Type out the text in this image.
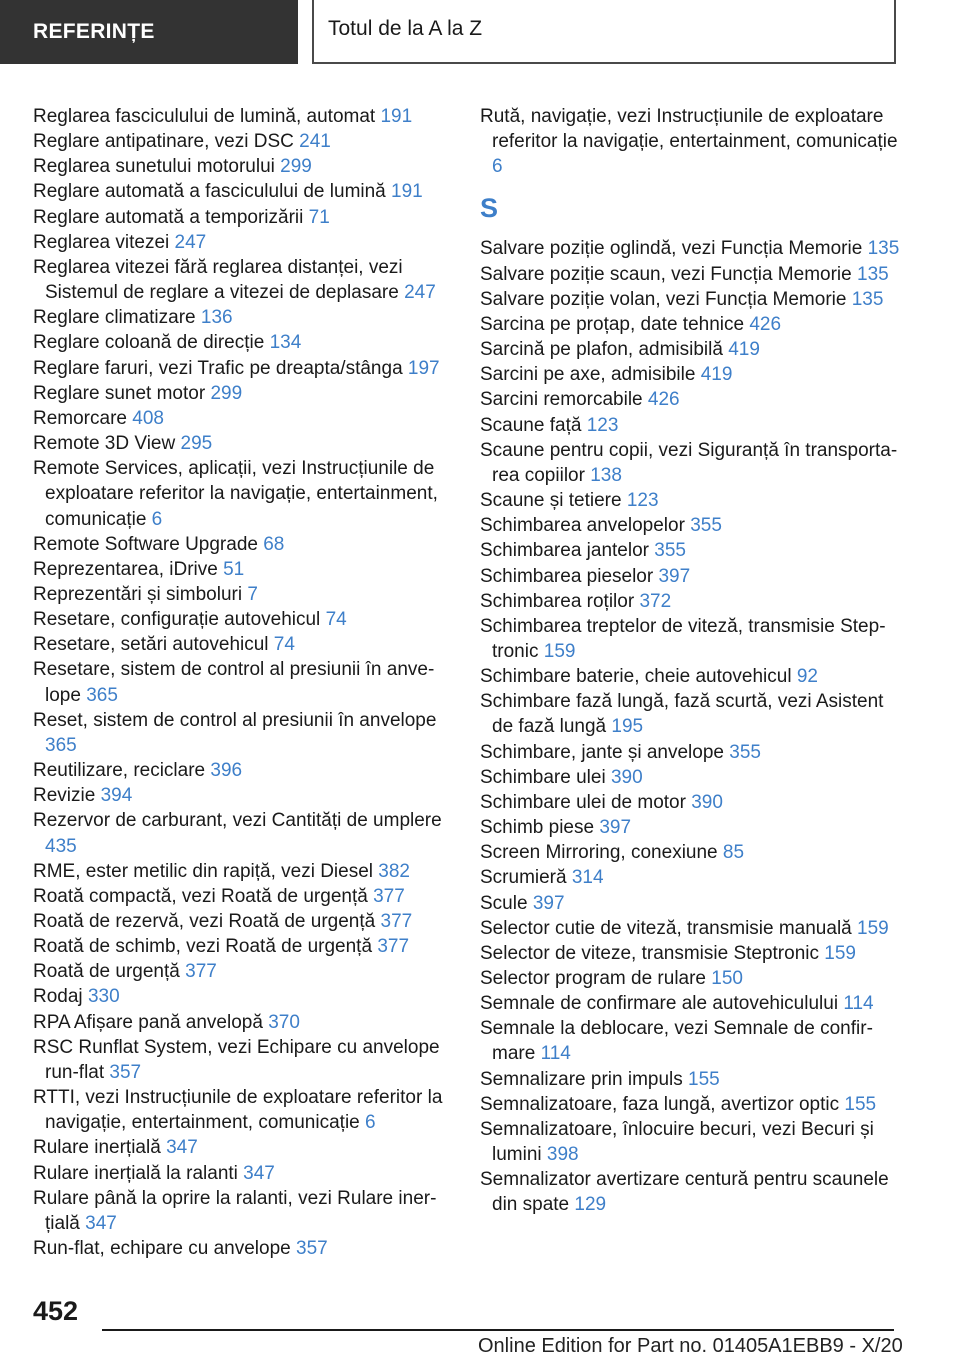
REFERINȚE	Totul de la A la Z
Reglarea fasciculului de lumină, automat 191
Reglare antipatinare, vezi DSC 241
Reglarea sunetului motorului 299
Reglare automată a fasciculului de lumină 191
Reglare automată a temporizării 71
Reglarea vitezei 247
Reglarea vitezei fără reglarea distanței, vezi Sistemul de reglare a vitezei de deplasare 247
Reglare climatizare 136
Reglare coloană de direcție 134
Reglare faruri, vezi Trafic pe dreapta/stânga 197
Reglare sunet motor 299
Remorcare 408
Remote 3D View 295
Remote Services, aplicații, vezi Instrucțiunile de exploatare referitor la navigație, entertainment, comunicație 6
Remote Software Upgrade 68
Reprezentarea, iDrive 51
Reprezentări și simboluri 7
Resetare, configurație autovehicul 74
Resetare, setări autovehicul 74
Resetare, sistem de control al presiunii în anvelope 365
Reset, sistem de control al presiunii în anvelope 365
Reutilizare, reciclare 396
Revizie 394
Rezervor de carburant, vezi Cantități de umplere 435
RME, ester metilic din rapiță, vezi Diesel 382
Roată compactă, vezi Roată de urgență 377
Roată de rezervă, vezi Roată de urgență 377
Roată de schimb, vezi Roată de urgență 377
Roată de urgență 377
Rodaj 330
RPA Afișare pană anvelopă 370
RSC Runflat System, vezi Echipare cu anvelope run-flat 357
RTTI, vezi Instrucțiunile de exploatare referitor la navigație, entertainment, comunicație 6
Rulare inerțială 347
Rulare inerțială la ralanti 347
Rulare până la oprire la ralanti, vezi Rulare inerțială 347
Run-flat, echipare cu anvelope 357
Rută, navigație, vezi Instrucțiunile de exploatare referitor la navigație, entertainment, comunicație 6
S
Salvare poziție oglindă, vezi Funcția Memorie 135
Salvare poziție scaun, vezi Funcția Memorie 135
Salvare poziție volan, vezi Funcția Memorie 135
Sarcina pe proțap, date tehnice 426
Sarcină pe plafon, admisibilă 419
Sarcini pe axe, admisibile 419
Sarcini remorcabile 426
Scaune față 123
Scaune pentru copii, vezi Siguranță în transportarea copiilor 138
Scaune și tetiere 123
Schimbarea anvelopelor 355
Schimbarea jantelor 355
Schimbarea pieselor 397
Schimbarea roților 372
Schimbarea treptelor de viteză, transmisie Steptronic 159
Schimbare baterie, cheie autovehicul 92
Schimbare fază lungă, fază scurtă, vezi Asistent de fază lungă 195
Schimbare, jante și anvelope 355
Schimbare ulei 390
Schimbare ulei de motor 390
Schimb piese 397
Screen Mirroring, conexiune 85
Scrumieră 314
Scule 397
Selector cutie de viteză, transmisie manuală 159
Selector de viteze, transmisie Steptronic 159
Selector program de rulare 150
Semnale de confirmare ale autovehiculului 114
Semnale la deblocare, vezi Semnale de confirmare 114
Semnalizare prin impuls 155
Semnalizatoare, faza lungă, avertizor optic 155
Semnalizatoare, înlocuire becuri, vezi Becuri și lumini 398
Semnalizator avertizare centură pentru scaunele din spate 129
452
Online Edition for Part no. 01405A1EBB9 - X/20
